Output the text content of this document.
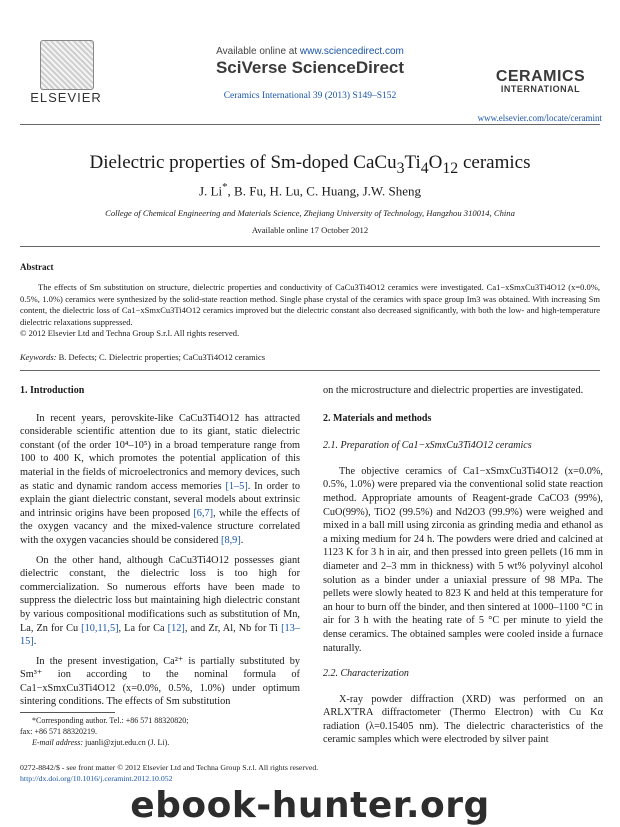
ELSEVIER
Available online at www.sciencedirect.com
SciVerse ScienceDirect
Ceramics International 39 (2013) S149–S152
CERAMICS
INTERNATIONAL
www.elsevier.com/locate/ceramint
Dielectric properties of Sm-doped $CaCu_3Ti_4O_{12}$ ceramics
J. Li*, B. Fu, H. Lu, C. Huang, J.W. Sheng
College of Chemical Engineering and Materials Science, Zhejiang University of Technology, Hangzhou 310014, China
Available online 17 October 2012
Abstract
The effects of Sm substitution on structure, dielectric properties and conductivity of CaCu3Ti4O12 ceramics were investigated. Ca1−xSmxCu3Ti4O12 (x=0.0%, 0.5%, 1.0%) ceramics were synthesized by the solid-state reaction method. Single phase crystal of the ceramics with space group Im3 was obtained. With increasing Sm content, the dielectric loss of Ca1−xSmxCu3Ti4O12 ceramics improved but the dielectric constant also decreased significantly, with both the low- and high-temperature dielectric relaxations suppressed.
© 2012 Elsevier Ltd and Techna Group S.r.l. All rights reserved.
Keywords: B. Defects; C. Dielectric properties; CaCu3Ti4O12 ceramics
1. Introduction

In recent years, perovskite-like CaCu3Ti4O12 has attracted considerable scientific attention due to its giant, static dielectric constant (of the order 10⁴–10⁵) in a broad temperature range from 100 to 400 K, which promotes the potential application of this material in the fields of microelectronics and memory devices, such as static and dynamic random access memories [1–5]. In order to explain the giant dielectric constant, several models about extrinsic and intrinsic origins have been proposed [6,7], while the effects of the oxygen vacancy and the mixed-valence structure correlated with the oxygen vacancies should be considered [8,9].

On the other hand, although CaCu3Ti4O12 possesses giant dielectric constant, the dielectric loss is too high for commercialization. So numerous efforts have been made to suppress the dielectric loss but maintaining high dielectric constant by various compositional modifications such as substitution of Mn, La, Zn for Cu [10,11,5], La for Ca [12], and Zr, Al, Nb for Ti [13–15].

In the present investigation, Ca²⁺ is partially substituted by Sm³⁺ ion according to the nominal formula of Ca1−xSmxCu3Ti4O12 (x=0.0%, 0.5%, 1.0%) under optimum sintering conditions. The effects of Sm substitution

on the microstructure and dielectric properties are investigated.

2. Materials and methods
2.1. Preparation of Ca1−xSmxCu3Ti4O12 ceramics

The objective ceramics of Ca1−xSmxCu3Ti4O12 (x=0.0%, 0.5%, 1.0%) were prepared via the conventional solid state reaction method. Appropriate amounts of Reagent-grade CaCO3 (99%), CuO(99%), TiO2 (99.5%) and Nd2O3 (99.9%) were weighed and mixed in a ball mill using zirconia as grinding media and ethanol as a mixing medium for 24 h. The powders were dried and calcined at 1123 K for 3 h in air, and then pressed into green pellets (16 mm in diameter and 2–3 mm in thickness) with 5 wt% polyvinyl alcohol solution as a binder under a uniaxial pressure of 98 MPa. The pellets were slowly heated to 823 K and held at this temperature for an hour to burn off the binder, and then sintered at 1000–1100 °C in air for 3 h with the heating rate of 5 °C per minute to yield the dense ceramics. The obtained samples were cooled inside a furnace naturally.

2.2. Characterization

X-ray powder diffraction (XRD) was performed on an ARLX'TRA diffractometer (Thermo Electron) with Cu Kα radiation (λ=0.15405 nm). The dielectric characteristics of the ceramic samples which were electroded by silver paint

*Corresponding author. Tel.: +86 571 88320820;
fax: +86 571 88320219.
E-mail address: juanli@zjut.edu.cn (J. Li).
0272-8842/$ - see front matter © 2012 Elsevier Ltd and Techna Group S.r.l. All rights reserved.
http://dx.doi.org/10.1016/j.ceramint.2012.10.052
ebook-hunter.org
